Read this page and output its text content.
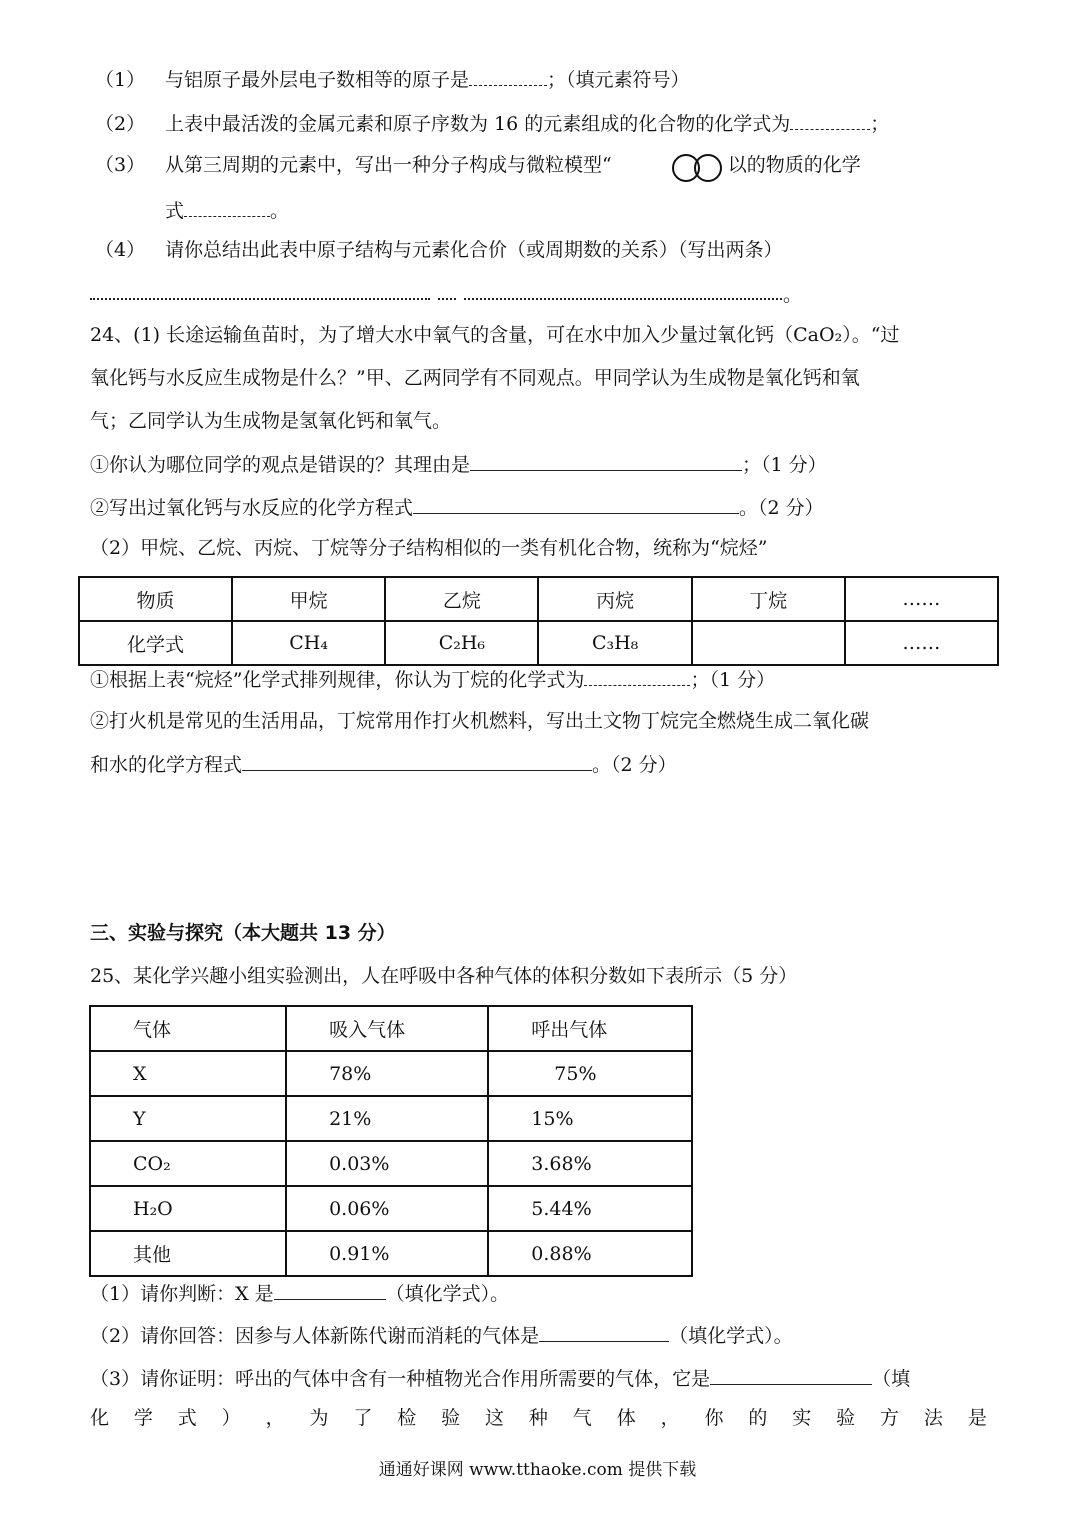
（1） 与铝原子最外层电子数相等的原子是	；（填元素符号）
（2） 上表中最活泼的金属元素和原子序数为 16 的元素组成的化合物的化学式为	；
（3） 从第三周期的元素中，写出一种分子构成与微粒模型“	以的物质的化学
式	。
（4） 请你总结出此表中原子结构与元素化合价（或周期数的关系）（写出两条）
。
24、(1) 长途运输鱼苗时，为了增大水中氧气的含量，可在水中加入少量过氧化钙（CaO₂）。“过
氧化钙与水反应生成物是什么？”甲、乙两同学有不同观点。甲同学认为生成物是氧化钙和氧
气；乙同学认为生成物是氢氧化钙和氧气。
①你认为哪位同学的观点是错误的？其理由是	；（1 分）
②写出过氧化钙与水反应的化学方程式	。（2 分）
（2）甲烷、乙烷、丙烷、丁烷等分子结构相似的一类有机化合物，统称为“烷烃”
物质	甲烷	乙烷	丙烷	丁烷	……
化学式	CH₄	C₂H₆	C₃H₈		……
①根据上表“烷烃”化学式排列规律，你认为丁烷的化学式为	；（1 分）
②打火机是常见的生活用品，丁烷常用作打火机燃料，写出土文物丁烷完全燃烧生成二氧化碳
和水的化学方程式	。（2 分）
三、实验与探究（本大题共 13 分）
25、某化学兴趣小组实验测出，人在呼吸中各种气体的体积分数如下表所示（5 分）
气体	吸入气体	呼出气体
X	78%	75%
Y	21%	15%
CO₂	0.03%	3.68%
H₂O	0.06%	5.44%
其他	0.91%	0.88%
（1）请你判断：X 是	（填化学式）。
（2）请你回答：因参与人体新陈代谢而消耗的气体是	（填化学式）。
（3）请你证明：呼出的气体中含有一种植物光合作用所需要的气体，它是	（填
化 学 式 ） ， 为 了 检 验 这 种 气 体 ， 你 的 实 验 方 法 是
通通好课网 www.tthaoke.com 提供下载
